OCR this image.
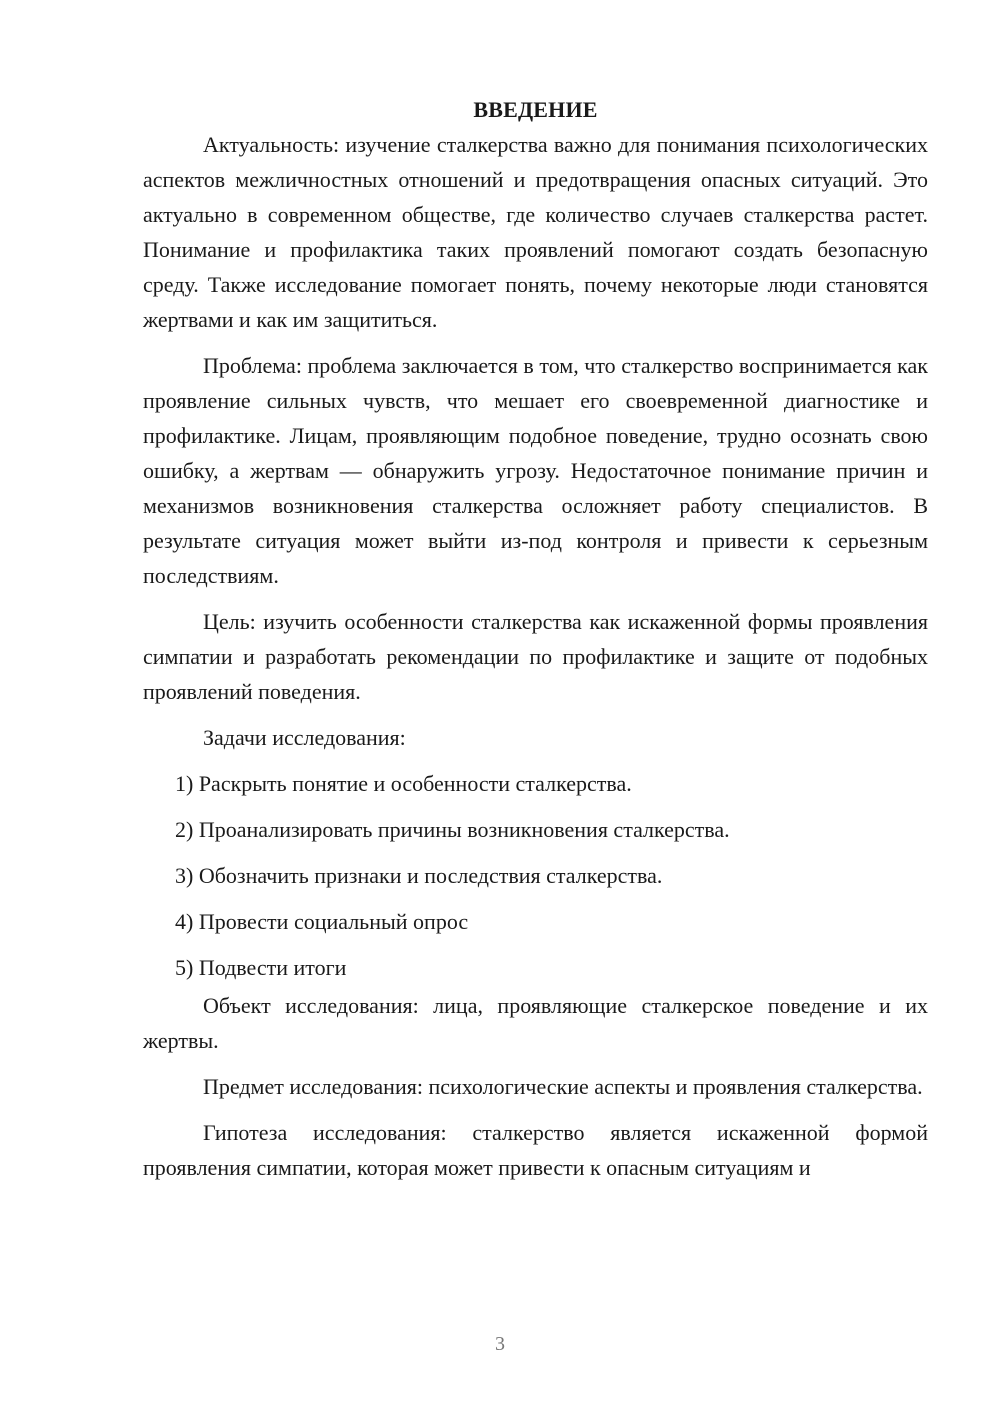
ВВЕДЕНИЕ

Актуальность: изучение сталкерства важно для понимания психологических аспектов межличностных отношений и предотвращения опасных ситуаций. Это актуально в современном обществе, где количество случаев сталкерства растет. Понимание и профилактика таких проявлений помогают создать безопасную среду. Также исследование помогает понять, почему некоторые люди становятся жертвами и как им защититься.

Проблема: проблема заключается в том, что сталкерство воспринимается как проявление сильных чувств, что мешает его своевременной диагностике и профилактике. Лицам, проявляющим подобное поведение, трудно осознать свою ошибку, а жертвам — обнаружить угрозу. Недостаточное понимание причин и механизмов возникновения сталкерства осложняет работу специалистов. В результате ситуация может выйти из-под контроля и привести к серьезным последствиям.

Цель: изучить особенности сталкерства как искаженной формы проявления симпатии и разработать рекомендации по профилактике и защите от подобных проявлений поведения.

Задачи исследования:

1) Раскрыть понятие и особенности сталкерства.

2) Проанализировать причины возникновения сталкерства.

3) Обозначить признаки и последствия сталкерства.

4) Провести социальный опрос

5) Подвести итоги

Объект исследования: лица, проявляющие сталкерское поведение и их жертвы.

Предмет исследования: психологические аспекты и проявления сталкерства.

Гипотеза исследования: сталкерство является искаженной формой проявления симпатии, которая может привести к опасным ситуациям и

3
